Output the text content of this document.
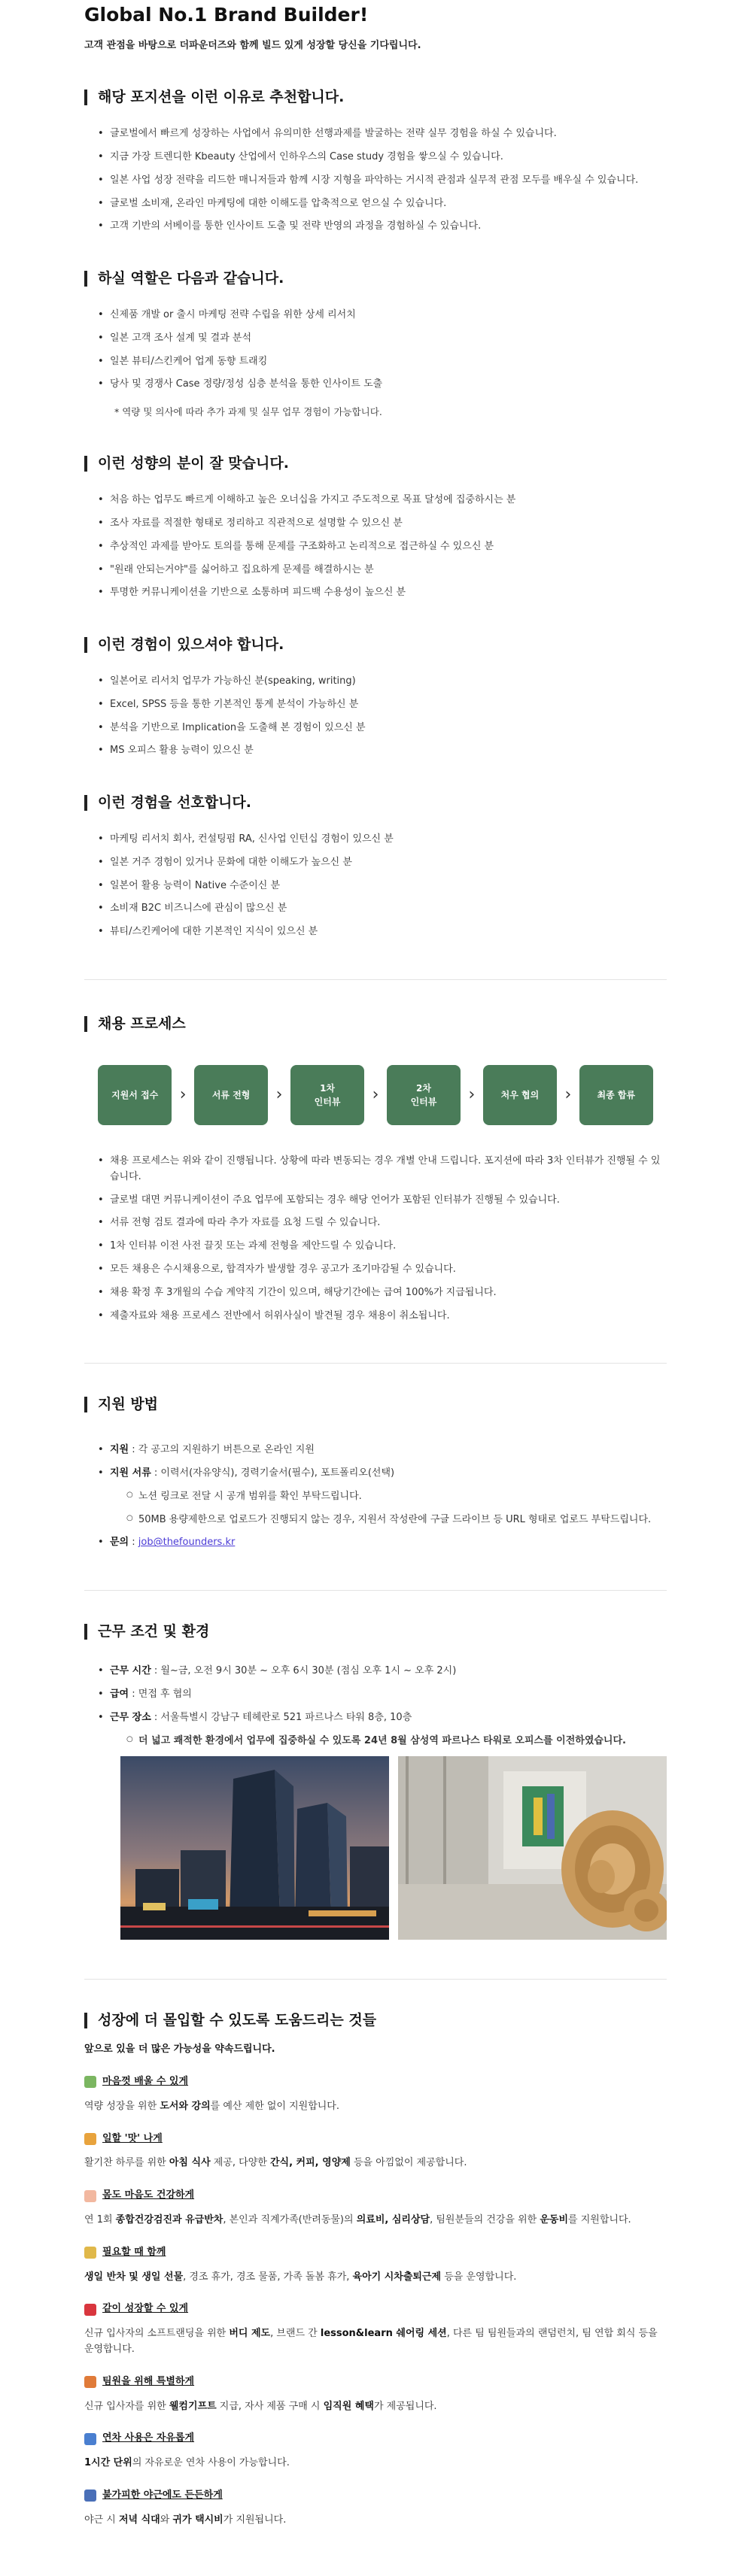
Global No.1 Brand Builder!

고객 관점을 바탕으로 더파운더즈와 함께 빌드 있게 성장할 당신을 기다립니다.

해당 포지션을 이런 이유로 추천합니다.
• 글로벌에서 빠르게 성장하는 사업에서 유의미한 선행과제를 발굴하는 전략 실무 경험을 하실 수 있습니다.
• 지금 가장 트렌디한 Kbeauty 산업에서 인하우스의 Case study 경험을 쌓으실 수 있습니다.
• 일본 사업 성장 전략을 리드한 매니저들과 함께 시장 지형을 파악하는 거시적 관점과 실무적 관점 모두를 배우실 수 있습니다.
• 글로벌 소비재, 온라인 마케팅에 대한 이해도를 압축적으로 얻으실 수 있습니다.
• 고객 기반의 서베이를 통한 인사이트 도출 및 전략 반영의 과정을 경험하실 수 있습니다.
하실 역할은 다음과 같습니다.
• 신제품 개발 or 출시 마케팅 전략 수립을 위한 상세 리서치
• 일본 고객 조사 설계 및 결과 분석
• 일본 뷰티/스킨케어 업계 동향 트래킹
• 당사 및 경쟁사 Case 정량/정성 심층 분석을 통한 인사이트 도출

* 역량 및 의사에 따라 추가 과제 및 실무 업무 경험이 가능합니다.

이런 성향의 분이 잘 맞습니다.
• 처음 하는 업무도 빠르게 이해하고 높은 오너십을 가지고 주도적으로 목표 달성에 집중하시는 분
• 조사 자료를 적절한 형태로 정리하고 직관적으로 설명할 수 있으신 분
• 추상적인 과제를 받아도 토의를 통해 문제를 구조화하고 논리적으로 접근하실 수 있으신 분
• "원래 안되는거야"를 싫어하고 집요하게 문제를 해결하시는 분
• 투명한 커뮤니케이션을 기반으로 소통하며 피드백 수용성이 높으신 분
이런 경험이 있으셔야 합니다.
• 일본어로 리서치 업무가 가능하신 분(speaking, writing)
• Excel, SPSS 등을 통한 기본적인 통계 분석이 가능하신 분
• 분석을 기반으로 Implication을 도출해 본 경험이 있으신 분
• MS 오피스 활용 능력이 있으신 분
이런 경험을 선호합니다.
• 마케팅 리서치 회사, 컨설팅펌 RA, 신사업 인턴십 경험이 있으신 분
• 일본 거주 경험이 있거나 문화에 대한 이해도가 높으신 분
• 일본어 활용 능력이 Native 수준이신 분
• 소비재 B2C 비즈니스에 관심이 많으신 분
• 뷰티/스킨케어에 대한 기본적인 지식이 있으신 분
채용 프로세스
지원서 접수	›	서류 전형	›	1차
인터뷰	›	2차
인터뷰	›	처우 협의	›	최종 합류
• 채용 프로세스는 위와 같이 진행됩니다. 상황에 따라 변동되는 경우 개별 안내 드립니다. 포지션에 따라 3차 인터뷰가 진행될 수 있습니다.
• 글로벌 대면 커뮤니케이션이 주요 업무에 포함되는 경우 해당 언어가 포함된 인터뷰가 진행될 수 있습니다.
• 서류 전형 검토 결과에 따라 추가 자료를 요청 드릴 수 있습니다.
• 1차 인터뷰 이전 사전 끌짓 또는 과제 전형을 제안드릴 수 있습니다.
• 모든 채용은 수시채용으로, 합격자가 발생할 경우 공고가 조기마감될 수 있습니다.
• 채용 확정 후 3개월의 수습 계약직 기간이 있으며, 해당기간에는 급여 100%가 지급됩니다.
• 제출자료와 채용 프로세스 전반에서 허위사실이 발견될 경우 채용이 취소됩니다.
지원 방법
• 지원 : 각 공고의 지원하기 버튼으로 온라인 지원
• 지원 서류 : 이력서(자유양식), 경력기술서(필수), 포트폴리오(선택)
○ 노션 링크로 전달 시 공개 범위를 확인 부탁드립니다.
○ 50MB 용량제한으로 업로드가 진행되지 않는 경우, 지원서 작성란에 구글 드라이브 등 URL 형태로 업로드 부탁드립니다.
• 문의 : job@thefounders.kr
근무 조건 및 환경
• 근무 시간 : 월~금, 오전 9시 30분 ~ 오후 6시 30분 (점심 오후 1시 ~ 오후 2시)
• 급여 : 면접 후 협의
• 근무 장소 : 서울특별시 강남구 테헤란로 521 파르나스 타워 8층, 10층
○ 더 넓고 쾌적한 환경에서 업무에 집중하실 수 있도록 24년 8월 삼성역 파르나스 타워로 오피스를 이전하였습니다.
성장에 더 몰입할 수 있도록 도움드리는 것들

앞으로 있을 더 많은 가능성을 약속드립니다.

마음껏 배울 수 있게

역량 성장을 위한 도서와 강의를 예산 제한 없이 지원합니다.

일할 '맛' 나게

활기찬 하루를 위한 아침 식사 제공, 다양한 간식, 커피, 영양제 등을 아낌없이 제공합니다.

몸도 마음도 건강하게

연 1회 종합건강검진과 유급반차, 본인과 직계가족(반려동물)의 의료비, 심리상담, 팀원분들의 건강을 위한 운동비를 지원합니다.

필요할 때 함께

생일 반차 및 생일 선물, 경조 휴가, 경조 물품, 가족 돌봄 휴가, 육아기 시차출퇴근제 등을 운영합니다.

같이 성장할 수 있게

신규 입사자의 소프트랜딩을 위한 버디 제도, 브랜드 간 lesson&learn 쉐어링 세션, 다른 팀 팀원들과의 랜덤런치, 팀 연합 회식 등을 운영합니다.

팀원을 위해 특별하게

신규 입사자를 위한 웰컴기프트 지급, 자사 제품 구매 시 임직원 혜택가 제공됩니다.

연차 사용은 자유롭게

1시간 단위의 자유로운 연차 사용이 가능합니다.

불가피한 야근에도 든든하게

야근 시 저녁 식대와 귀가 택시비가 지원됩니다.
